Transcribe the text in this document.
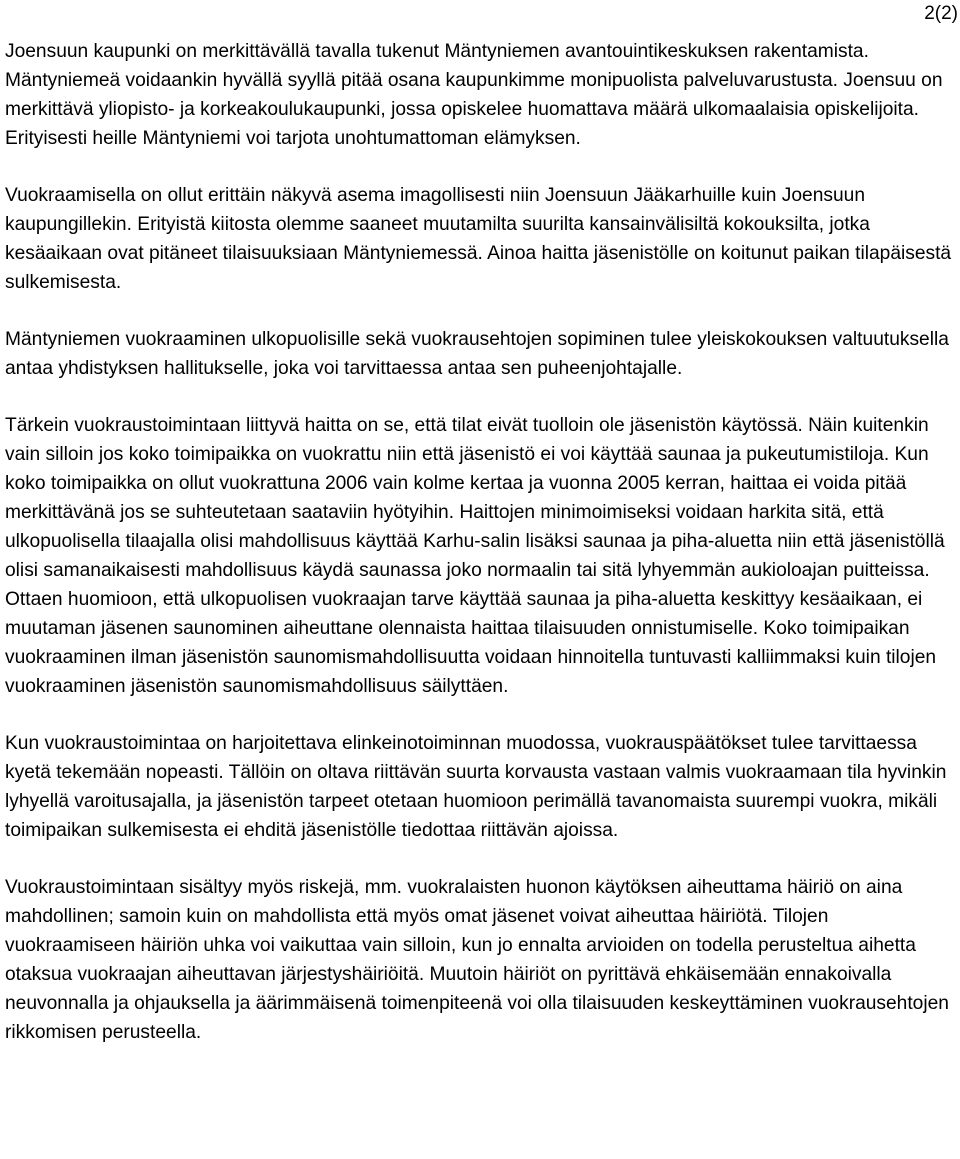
2(2)

Joensuun kaupunki on merkittävällä tavalla tukenut Mäntyniemen avantouintikeskuksen rakentamista. Mäntyniemeä voidaankin hyvällä syyllä pitää osana kaupunkimme monipuolista palveluvarustusta. Joensuu on merkittävä yliopisto- ja korkeakoulukaupunki, jossa opiskelee huomattava määrä ulkomaalaisia opiskelijoita. Erityisesti heille Mäntyniemi voi tarjota unohtumattoman elämyksen.

Vuokraamisella on ollut erittäin näkyvä asema imagollisesti niin Joensuun Jääkarhuille kuin Joensuun kaupungillekin. Erityistä kiitosta olemme saaneet muutamilta suurilta kansainvälisiltä kokouksilta, jotka kesäaikaan ovat pitäneet tilaisuuksiaan Mäntyniemessä. Ainoa haitta jäsenistölle on koitunut paikan tilapäisestä sulkemisesta.

Mäntyniemen vuokraaminen ulkopuolisille sekä vuokrausehtojen sopiminen tulee yleiskokouksen valtuutuksella antaa yhdistyksen hallitukselle, joka voi tarvittaessa antaa sen puheenjohtajalle.

Tärkein vuokraustoimintaan liittyvä haitta on se, että tilat eivät tuolloin ole jäsenistön käytössä. Näin kuitenkin vain silloin jos koko toimipaikka on vuokrattu niin että jäsenistö ei voi käyttää saunaa ja pukeutumistiloja. Kun koko toimipaikka on ollut vuokrattuna 2006 vain kolme kertaa ja vuonna 2005 kerran, haittaa ei voida pitää merkittävänä jos se suhteutetaan saataviin hyötyihin. Haittojen minimoimiseksi voidaan harkita sitä, että ulkopuolisella tilaajalla olisi mahdollisuus käyttää Karhu-salin lisäksi saunaa ja piha-aluetta niin että jäsenistöllä olisi samanaikaisesti mahdollisuus käydä saunassa joko normaalin tai sitä lyhyemmän aukioloajan puitteissa. Ottaen huomioon, että ulkopuolisen vuokraajan tarve käyttää saunaa ja piha-aluetta keskittyy kesäaikaan, ei muutaman jäsenen saunominen aiheuttane olennaista haittaa tilaisuuden onnistumiselle. Koko toimipaikan vuokraaminen ilman jäsenistön saunomismahdollisuutta voidaan hinnoitella tuntuvasti kalliimmaksi kuin tilojen vuokraaminen jäsenistön saunomismahdollisuus säilyttäen.

Kun vuokraustoimintaa on harjoitettava elinkeinotoiminnan muodossa, vuokrauspäätökset tulee tarvittaessa kyetä tekemään nopeasti. Tällöin on oltava riittävän suurta korvausta vastaan valmis vuokraamaan tila hyvinkin lyhyellä varoitusajalla, ja jäsenistön tarpeet otetaan huomioon perimällä tavanomaista suurempi vuokra, mikäli toimipaikan sulkemisesta ei ehditä jäsenistölle tiedottaa riittävän ajoissa.

Vuokraustoimintaan sisältyy myös riskejä, mm. vuokralaisten huonon käytöksen aiheuttama häiriö on aina mahdollinen; samoin kuin on mahdollista että myös omat jäsenet voivat aiheuttaa häiriötä. Tilojen vuokraamiseen häiriön uhka voi vaikuttaa vain silloin, kun jo ennalta arvioiden on todella perusteltua aihetta otaksua vuokraajan aiheuttavan järjestyshäiriöitä. Muutoin häiriöt on pyrittävä ehkäisemään ennakoivalla neuvonnalla ja ohjauksella ja äärimmäisenä toimenpiteenä voi olla tilaisuuden keskeyttäminen vuokrausehtojen rikkomisen perusteella.
